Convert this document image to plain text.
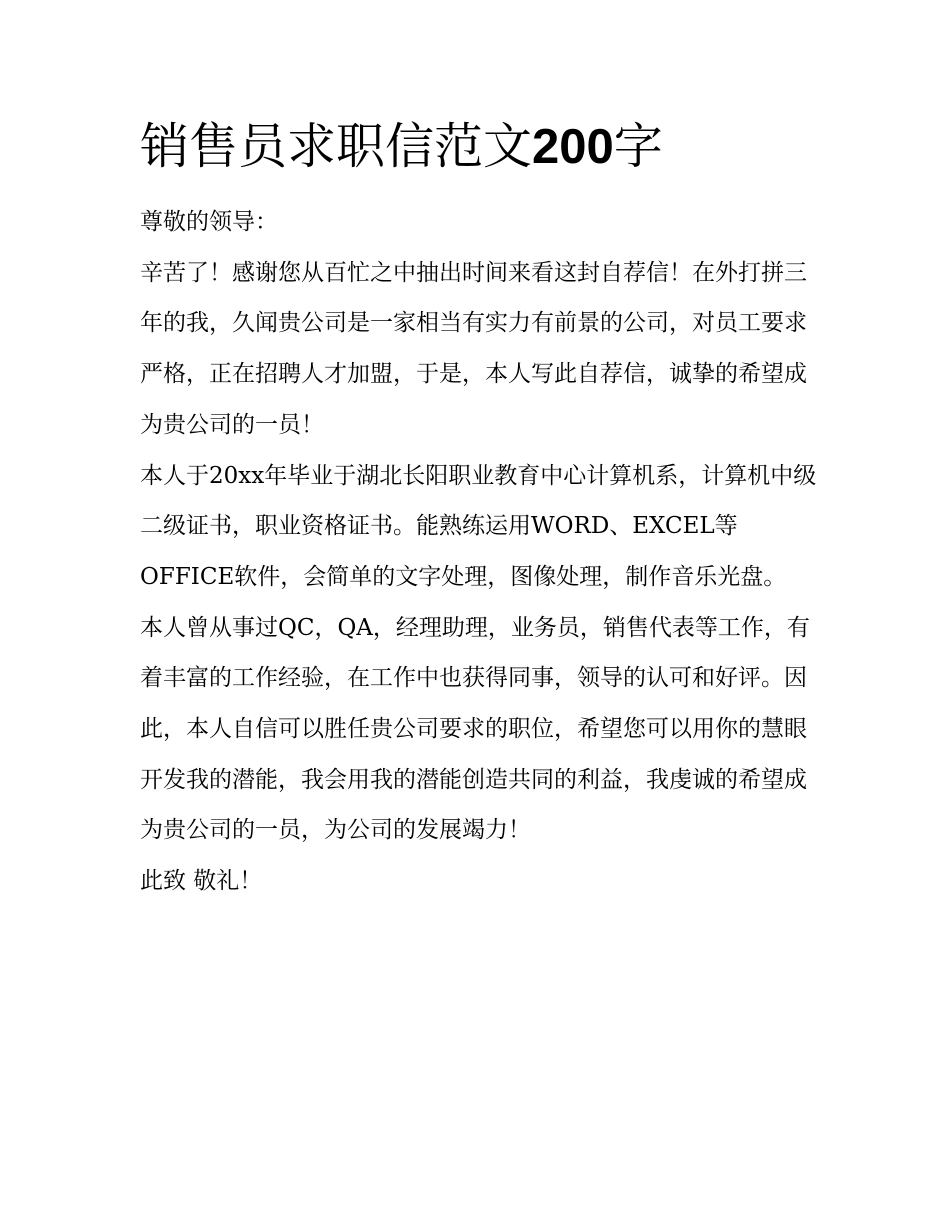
销售员求职信范文200字

尊敬的领导：

辛苦了！感谢您从百忙之中抽出时间来看这封自荐信！在外打拼三年的我，久闻贵公司是一家相当有实力有前景的公司，对员工要求严格，正在招聘人才加盟，于是，本人写此自荐信，诚挚的希望成为贵公司的一员！

本人于20xx年毕业于湖北长阳职业教育中心计算机系，计算机中级二级证书，职业资格证书。能熟练运用WORD、EXCEL等OFFICE软件，会简单的文字处理，图像处理，制作音乐光盘。

本人曾从事过QC，QA，经理助理，业务员，销售代表等工作，有着丰富的工作经验，在工作中也获得同事，领导的认可和好评。因此，本人自信可以胜任贵公司要求的职位，希望您可以用你的慧眼开发我的潜能，我会用我的潜能创造共同的利益，我虔诚的希望成为贵公司的一员，为公司的发展竭力！

此致 敬礼！
